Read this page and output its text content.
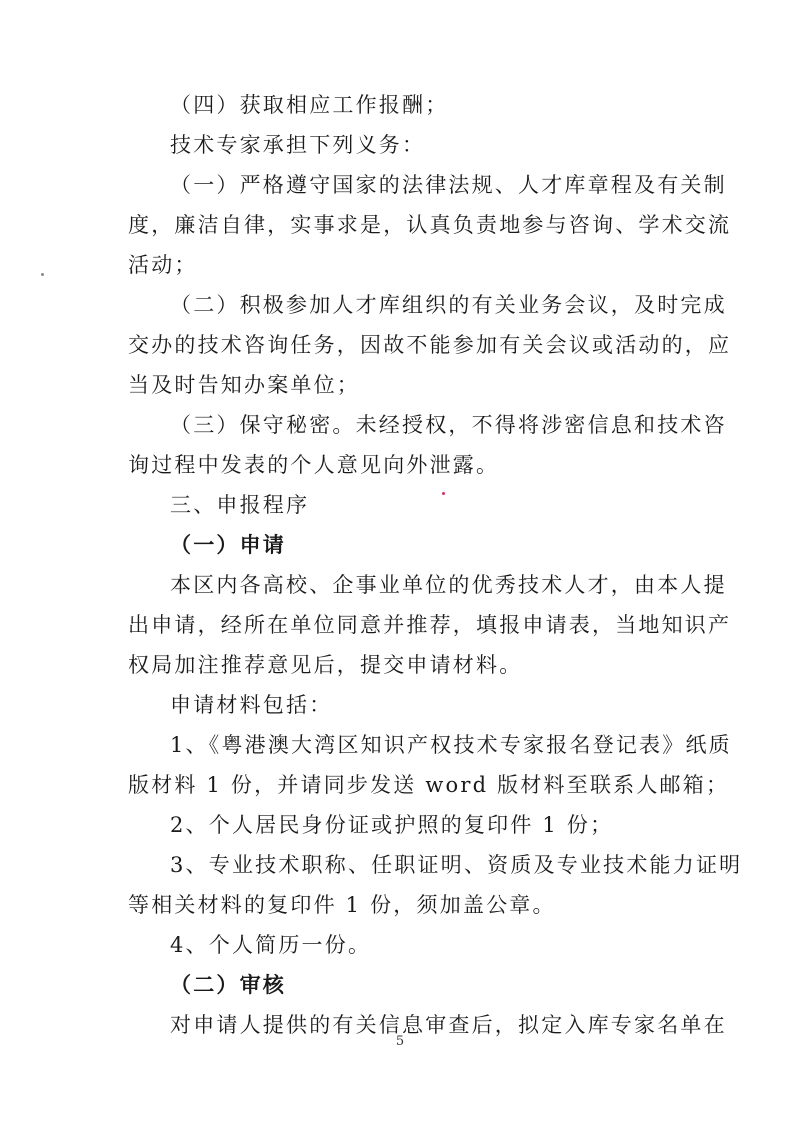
（四）获取相应工作报酬；
技术专家承担下列义务：
（一）严格遵守国家的法律法规、人才库章程及有关制
度，廉洁自律，实事求是，认真负责地参与咨询、学术交流
活动；
（二）积极参加人才库组织的有关业务会议，及时完成
交办的技术咨询任务，因故不能参加有关会议或活动的，应
当及时告知办案单位；
（三）保守秘密。未经授权，不得将涉密信息和技术咨
询过程中发表的个人意见向外泄露。
三、申报程序
（一）申请
本区内各高校、企事业单位的优秀技术人才，由本人提
出申请，经所在单位同意并推荐，填报申请表，当地知识产
权局加注推荐意见后，提交申请材料。
申请材料包括：
1、《粤港澳大湾区知识产权技术专家报名登记表》纸质
版材料 1 份，并请同步发送 word 版材料至联系人邮箱；
2、个人居民身份证或护照的复印件 1 份；
3、专业技术职称、任职证明、资质及专业技术能力证明
等相关材料的复印件 1 份，须加盖公章。
4、个人简历一份。
（二）审核
对申请人提供的有关信息审查后，拟定入库专家名单在
5
